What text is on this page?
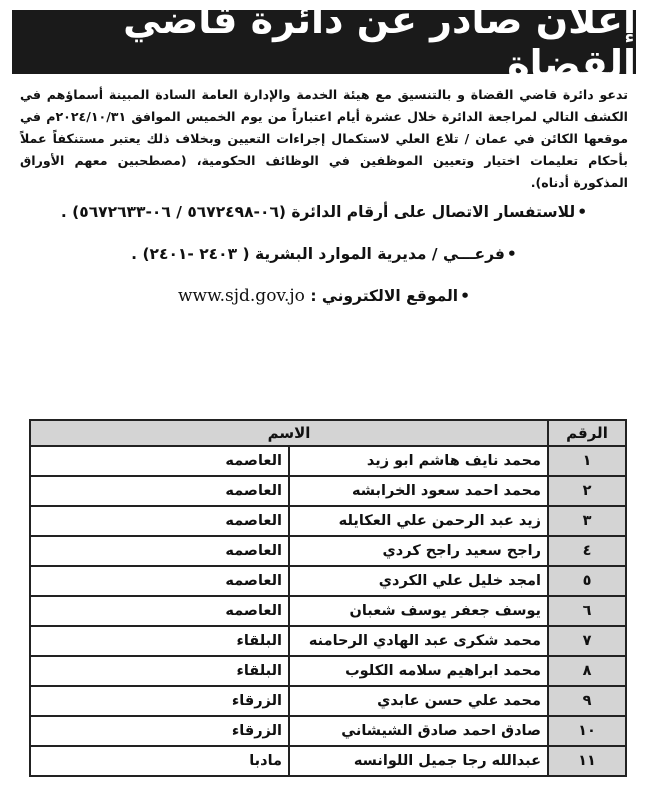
إعلان صادر عن دائرة قاضي القضاة
تدعو دائرة قاضي القضاة و بالتنسيق مع هيئة الخدمة والإدارة العامة السادة المبينة أسماؤهم في الكشف التالي لمراجعة الدائرة خلال عشرة أيام اعتباراً من يوم الخميس الموافق ٢٠٢٤/١٠/٣١م في موقعها الكائن في عمان / تلاع العلي لاستكمال إجراءات التعيين وبخلاف ذلك يعتبر مستنكفاً عملاً بأحكام تعليمات اختيار وتعيين الموظفين في الوظائف الحكومية، (مصطحبين معهم الأوراق المذكورة أدناه).
•للاستفسار الاتصال على أرقام الدائرة (٠٦-٥٦٧٢٤٩٨ / ٠٦-٥٦٧٢٦٣٣) .
•فرعـــي / مديرية الموارد البشرية ( ٢٤٠٣ -٢٤٠١) .
•الموقع الالكتروني : www.sjd.gov.jo
الرقم	الاسم	
١	محمد نايف هاشم ابو زيد	العاصمه
٢	محمد احمد سعود الخرابشه	العاصمه
٣	زيد عبد الرحمن علي العكايله	العاصمه
٤	راجح سعيد راجح كردي	العاصمه
٥	امجد خليل علي الكردي	العاصمه
٦	يوسف جعفر يوسف شعبان	العاصمه
٧	محمد شكرى عبد الهادي الرحامنه	البلقاء
٨	محمد ابراهيم سلامه الكلوب	البلقاء
٩	محمد علي حسن عابدي	الزرقاء
١٠	صادق احمد صادق الشيشاني	الزرقاء
١١	عبدالله رجا جميل اللوانسه	مادبا
